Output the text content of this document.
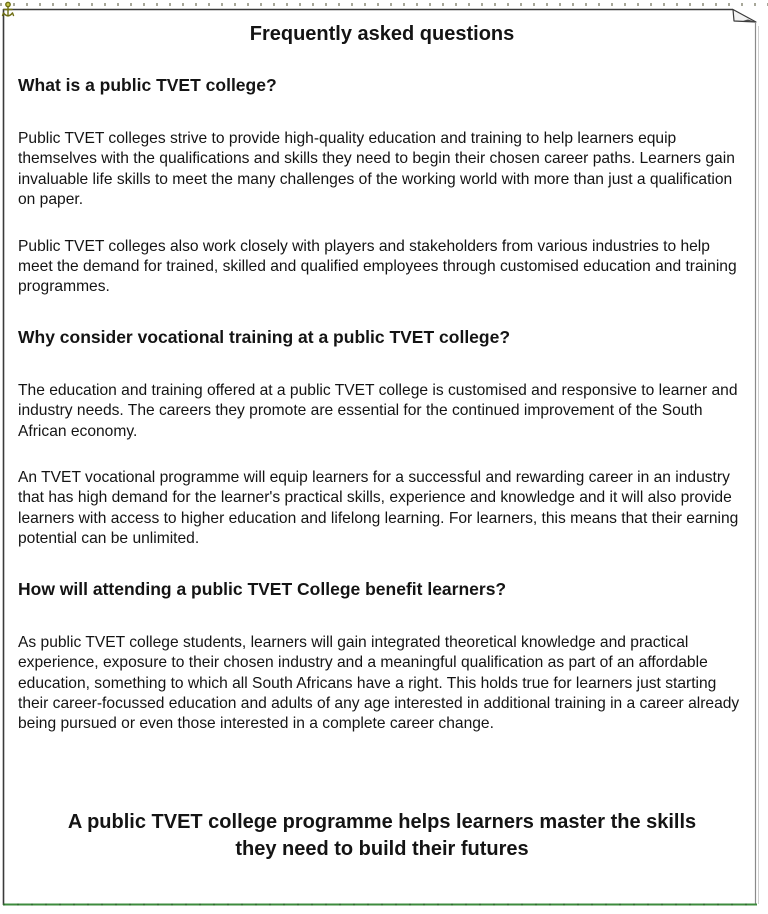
Frequently asked questions
What is a public TVET college?

Public TVET colleges strive to provide high-quality education and training to help learners equip themselves with the qualifications and skills they need to begin their chosen career paths. Learners gain invaluable life skills to meet the many challenges of the working world with more than just a qualification on paper.

Public TVET colleges also work closely with players and stakeholders from various industries to help meet the demand for trained, skilled and qualified employees through customised education and training programmes.

Why consider vocational training at a public TVET college?

The education and training offered at a public TVET college is customised and responsive to learner and industry needs. The careers they promote are essential for the continued improvement of the South African economy.

An TVET vocational programme will equip learners for a successful and rewarding career in an industry that has high demand for the learner's practical skills, experience and knowledge and it will also provide learners with access to higher education and lifelong learning. For learners, this means that their earning potential can be unlimited.

How will attending a public TVET College benefit learners?

As public TVET college students, learners will gain integrated theoretical knowledge and practical experience, exposure to their chosen industry and a meaningful qualification as part of an affordable education, something to which all South Africans have a right. This holds true for learners just starting their career-focussed education and adults of any age interested in additional training in a career already being pursued or even those interested in a complete career change.

A public TVET college programme helps learners master the skills they need to build their futures
